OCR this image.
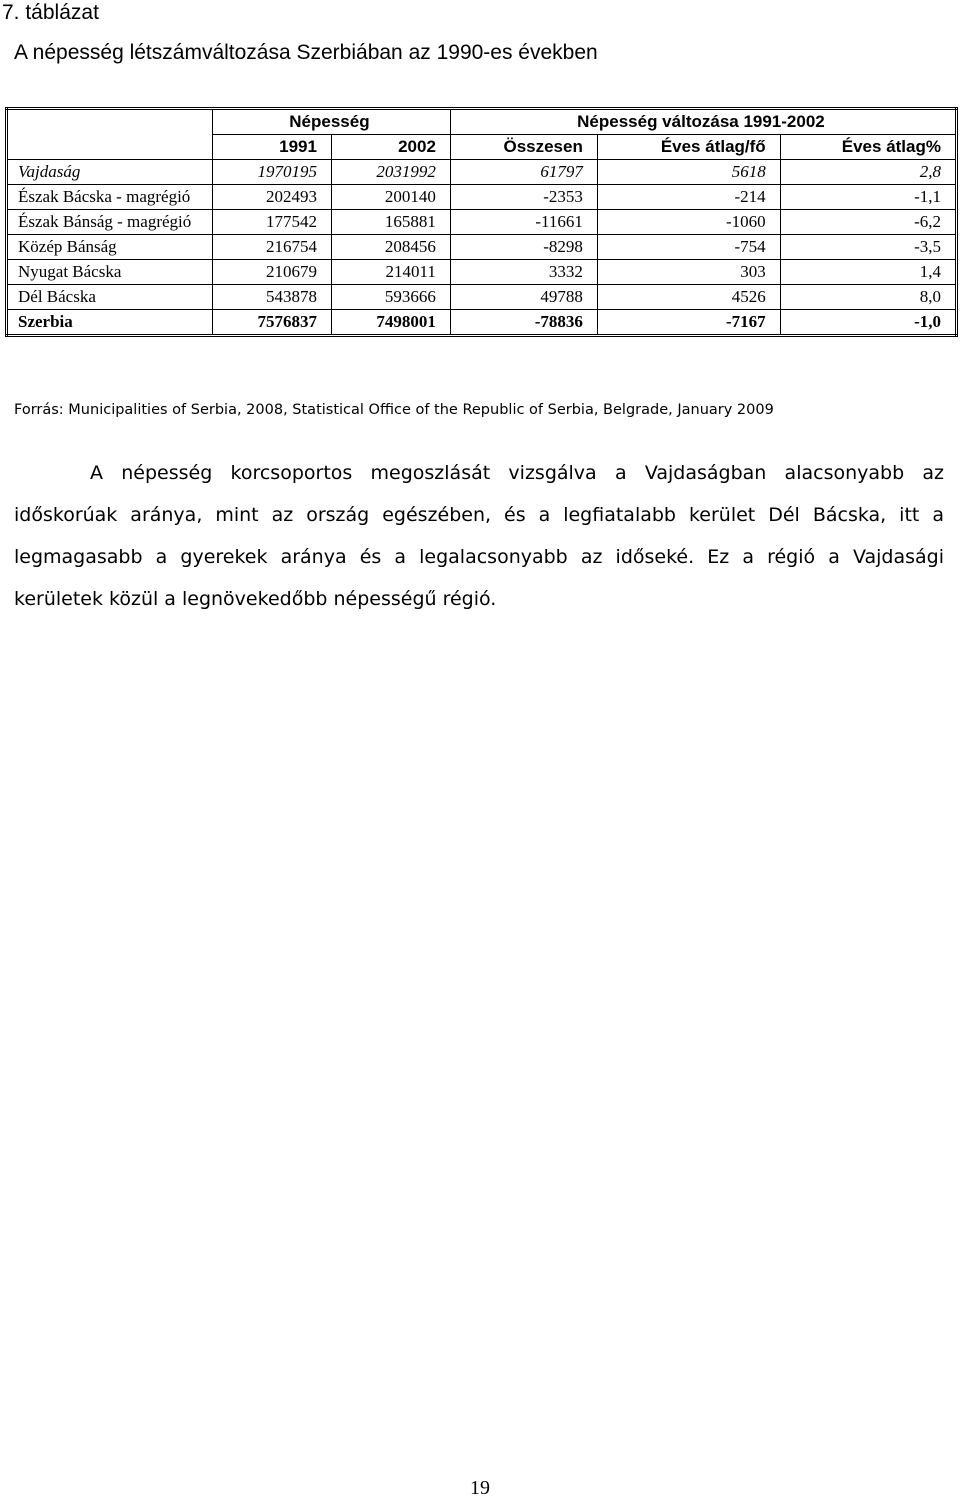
7. táblázat
A népesség létszámváltozása Szerbiában az 1990-es években
	Népesség		Népesség változása 1991-2002		
	1991	2002	Összesen	Éves átlag/fő	Éves átlag%
Vajdaság	1970195	2031992	61797	5618	2,8
Észak Bácska - magrégió	202493	200140	-2353	-214	-1,1
Észak Bánság - magrégió	177542	165881	-11661	-1060	-6,2
Közép Bánság	216754	208456	-8298	-754	-3,5
Nyugat Bácska	210679	214011	3332	303	1,4
Dél Bácska	543878	593666	49788	4526	8,0
Szerbia	7576837	7498001	-78836	-7167	-1,0

Forrás: Municipalities of Serbia, 2008, Statistical Office of the Republic of Serbia, Belgrade, January 2009

A népesség korcsoportos megoszlását vizsgálva a Vajdaságban alacsonyabb az időskorúak aránya, mint az ország egészében, és a legfiatalabb kerület Dél Bácska, itt a legmagasabb a gyerekek aránya és a legalacsonyabb az időseké. Ez a régió a Vajdasági kerületek közül a legnövekedőbb népességű régió.

19
